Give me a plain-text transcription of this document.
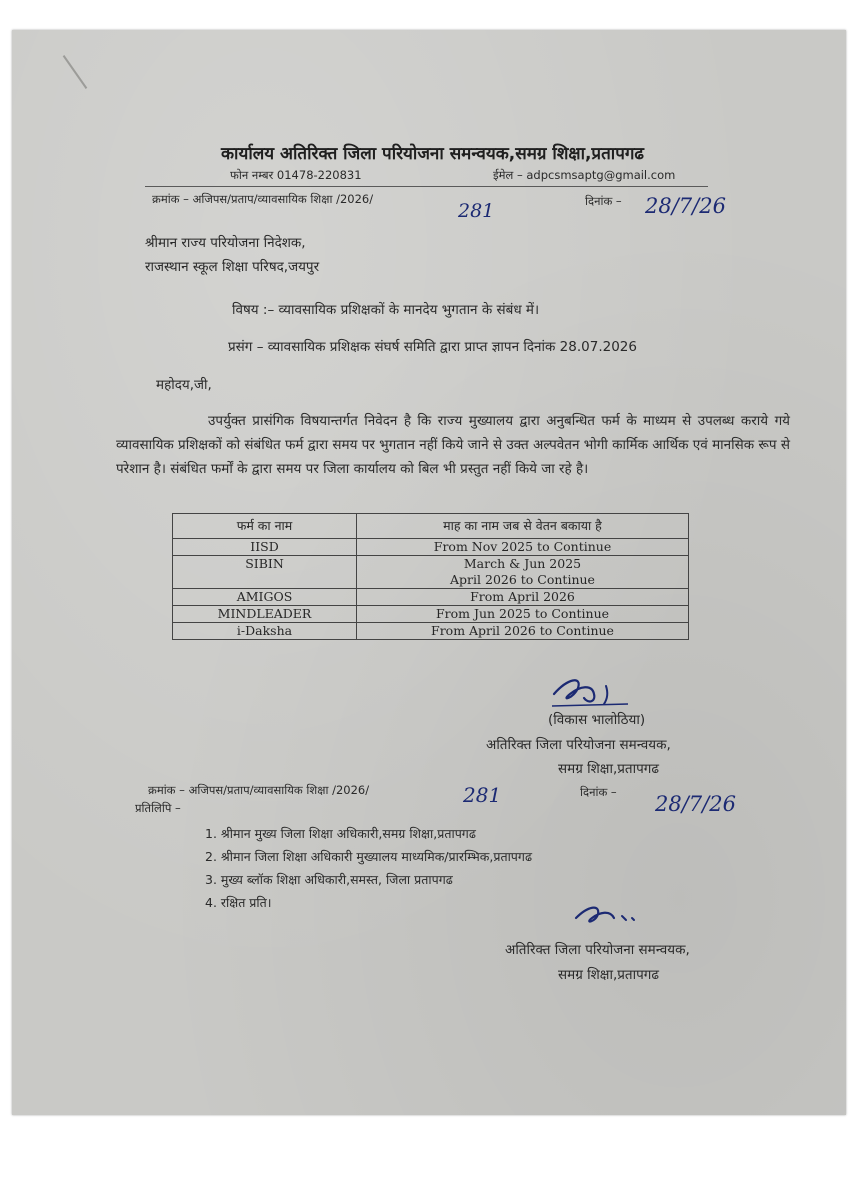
कार्यालय अतिरिक्त जिला परियोजना समन्वयक,समग्र शिक्षा,प्रतापगढ
फोन नम्बर 01478-220831	ईमेल – adpcsmsaptg@gmail.com
क्रमांक – अजिपस/प्रताप/व्यावसायिक शिक्षा /2026/
281	दिनांक – 28/7/26
श्रीमान राज्य परियोजना निदेशक,
राजस्थान स्कूल शिक्षा परिषद,जयपुर
विषय :– व्यावसायिक प्रशिक्षकों के मानदेय भुगतान के संबंध में।
प्रसंग – व्यावसायिक प्रशिक्षक संघर्ष समिति द्वारा प्राप्त ज्ञापन दिनांक 28.07.2026
महोदय,जी,
उपर्युक्त प्रासंगिक विषयान्तर्गत निवेदन है कि राज्य मुख्यालय द्वारा अनुबन्धित फर्म के माध्यम से उपलब्ध कराये गये व्यावसायिक प्रशिक्षकों को संबंधित फर्म द्वारा समय पर भुगतान नहीं किये जाने से उक्त अल्पवेतन भोगी कार्मिक आर्थिक एवं मानसिक रूप से परेशान है। संबंधित फर्मों के द्वारा समय पर जिला कार्यालय को बिल भी प्रस्तुत नहीं किये जा रहे है।
फर्म का नाम	माह का नाम जब से वेतन बकाया है
IISD	From Nov 2025 to Continue

SIBIN	March & Jun 2025
April 2026 to Continue

AMIGOS	From April 2026

MINDLEADER	From Jun 2025 to Continue

i-Daksha	From April 2026 to Continue
(विकास भालोठिया)
अतिरिक्त जिला परियोजना समन्वयक,
समग्र शिक्षा,प्रतापगढ
क्रमांक – अजिपस/प्रताप/व्यावसायिक शिक्षा /2026/	281	दिनांक – 28/7/26
प्रतिलिपि –
1. श्रीमान मुख्य जिला शिक्षा अधिकारी,समग्र शिक्षा,प्रतापगढ
2. श्रीमान जिला शिक्षा अधिकारी मुख्यालय माध्यमिक/प्रारम्भिक,प्रतापगढ
3. मुख्य ब्लॉक शिक्षा अधिकारी,समस्त, जिला प्रतापगढ
4. रक्षित प्रति।
अतिरिक्त जिला परियोजना समन्वयक,
समग्र शिक्षा,प्रतापगढ
